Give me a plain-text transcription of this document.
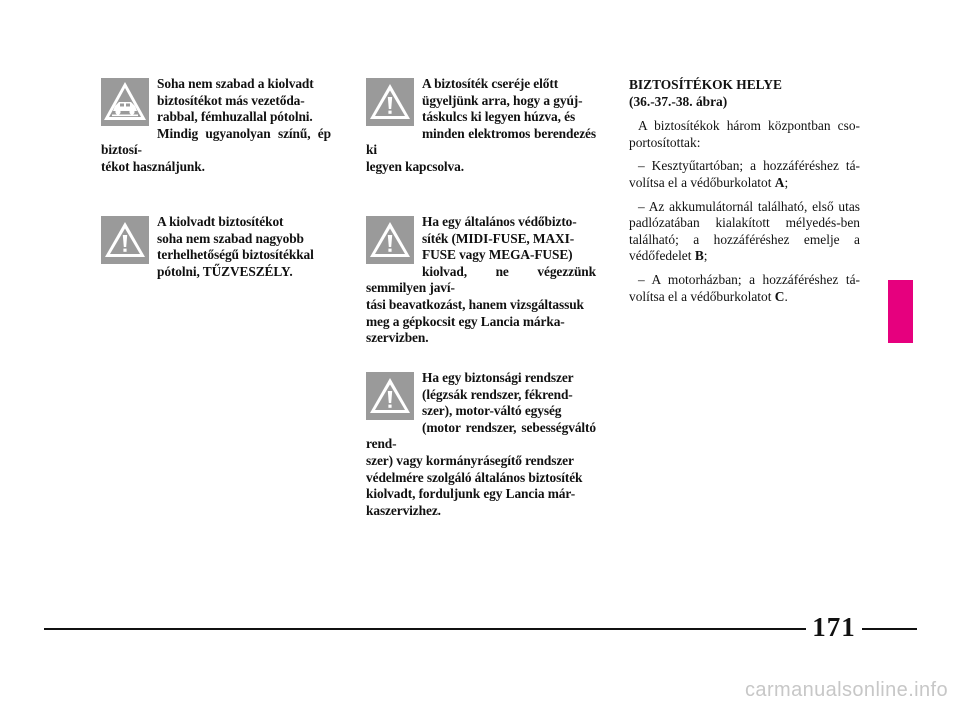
Soha nem szabad a kiolvadt
biztosítékot más vezetőda-
rabbal, fémhuzallal pótolni.
Mindig ugyanolyan színű, ép biztosí-
tékot használjunk.

A kiolvadt biztosítékot
soha nem szabad nagyobb
terhelhetőségű biztosítékkal
pótolni, TŰZVESZÉLY.

A biztosíték cseréje előtt
ügyeljünk arra, hogy a gyúj-
táskulcs ki legyen húzva, és
minden elektromos berendezés ki
legyen kapcsolva.

Ha egy általános védőbizto-
síték (MIDI-FUSE, MAXI-
FUSE vagy MEGA-FUSE)
kiolvad, ne végezzünk semmilyen javí-
tási beavatkozást, hanem vizsgáltassuk
meg a gépkocsit egy Lancia márka-
szervizben.

Ha egy biztonsági rendszer
(légzsák rendszer, fékrend-
szer), motor-váltó egység
(motor rendszer, sebességváltó rend-
szer) vagy kormányrásegítő rendszer
védelmére szolgáló általános biztosíték
kiolvadt, forduljunk egy Lancia már-
kaszervizhez.

BIZTOSÍTÉKOK HELYE
(36.-37.-38. ábra)

A biztosítékok három központban cso-portosítottak:

– Kesztyűtartóban; a hozzáféréshez tá-volítsa el a védőburkolatot A;

– Az akkumulátornál található, első utas padlózatában kialakított mélyedés-ben található; a hozzáféréshez emelje a védőfedelet B;

– A motorházban; a hozzáféréshez tá-volítsa el a védőburkolatot C.

171
carmanualsonline.info
